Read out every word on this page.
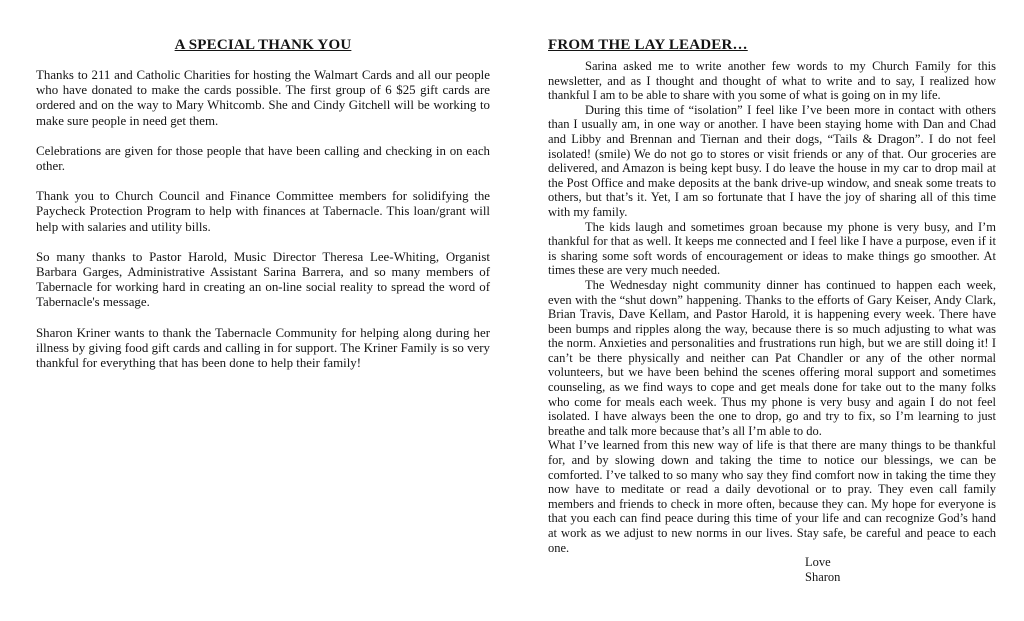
A SPECIAL THANK YOU

Thanks to 211 and Catholic Charities for hosting the Walmart Cards and all our people who have donated to make the cards possible. The first group of 6 $25 gift cards are ordered and on the way to Mary Whitcomb. She and Cindy Gitchell will be working to make sure people in need get them.

Celebrations are given for those people that have been calling and checking in on each other.

Thank you to Church Council and Finance Committee members for solidifying the Paycheck Protection Program to help with finances at Tabernacle. This loan/grant will help with salaries and utility bills.

So many thanks to Pastor Harold, Music Director Theresa Lee-Whiting, Organist Barbara Garges, Administrative Assistant Sarina Barrera, and so many members of Tabernacle for working hard in creating an on-line social reality to spread the word of Tabernacle's message.

Sharon Kriner wants to thank the Tabernacle Community for helping along during her illness by giving food gift cards and calling in for support. The Kriner Family is so very thankful for everything that has been done to help their family!

FROM THE LAY LEADER…

Sarina asked me to write another few words to my Church Family for this newsletter, and as I thought and thought of what to write and to say, I realized how thankful I am to be able to share with you some of what is going on in my life.

During this time of “isolation” I feel like I’ve been more in contact with others than I usually am, in one way or another. I have been staying home with Dan and Chad and Libby and Brennan and Tiernan and their dogs, “Tails & Dragon”. I do not feel isolated! (smile) We do not go to stores or visit friends or any of that. Our groceries are delivered, and Amazon is being kept busy. I do leave the house in my car to drop mail at the Post Office and make deposits at the bank drive-up window, and sneak some treats to others, but that’s it. Yet, I am so fortunate that I have the joy of sharing all of this time with my family.

The kids laugh and sometimes groan because my phone is very busy, and I’m thankful for that as well. It keeps me connected and I feel like I have a purpose, even if it is sharing some soft words of encouragement or ideas to make things go smoother. At times these are very much needed.

The Wednesday night community dinner has continued to happen each week, even with the “shut down” happening. Thanks to the efforts of Gary Keiser, Andy Clark, Brian Travis, Dave Kellam, and Pastor Harold, it is happening every week. There have been bumps and ripples along the way, because there is so much adjusting to what was the norm. Anxieties and personalities and frustrations run high, but we are still doing it! I can’t be there physically and neither can Pat Chandler or any of the other normal volunteers, but we have been behind the scenes offering moral support and sometimes counseling, as we find ways to cope and get meals done for take out to the many folks who come for meals each week. Thus my phone is very busy and again I do not feel isolated. I have always been the one to drop, go and try to fix, so I’m learning to just breathe and talk more because that’s all I’m able to do.

What I’ve learned from this new way of life is that there are many things to be thankful for, and by slowing down and taking the time to notice our blessings, we can be comforted. I’ve talked to so many who say they find comfort now in taking the time they now have to meditate or read a daily devotional or to pray. They even call family members and friends to check in more often, because they can. My hope for everyone is that you each can find peace during this time of your life and can recognize God’s hand at work as we adjust to new norms in our lives. Stay safe, be careful and peace to each one.

Love
Sharon
